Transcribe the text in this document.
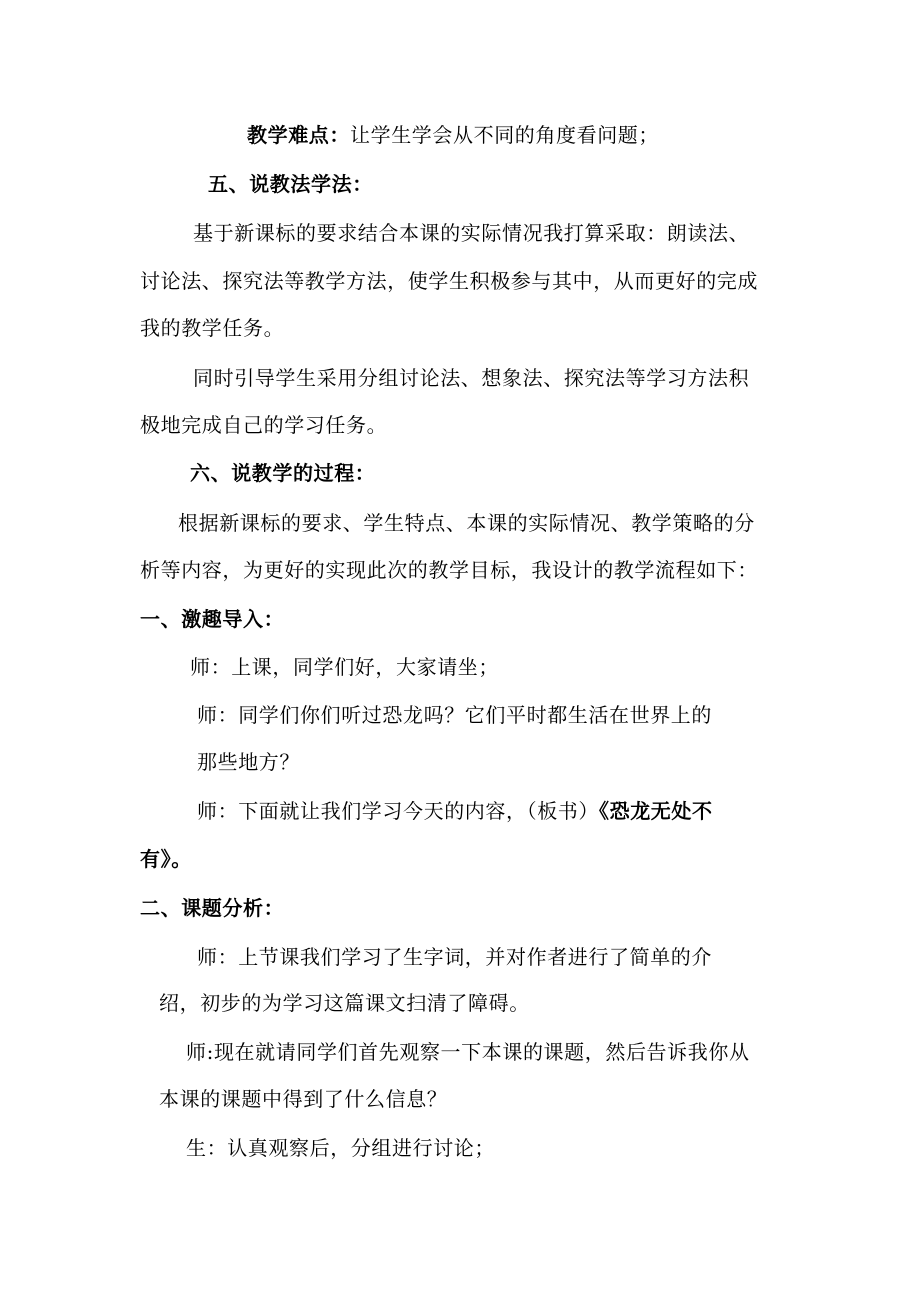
教学难点：让学生学会从不同的角度看问题；
五、说教法学法：
基于新课标的要求结合本课的实际情况我打算采取：朗读法、
讨论法、探究法等教学方法，使学生积极参与其中，从而更好的完成
我的教学任务。
同时引导学生采用分组讨论法、想象法、探究法等学习方法积
极地完成自己的学习任务。
六、说教学的过程：
根据新课标的要求、学生特点、本课的实际情况、教学策略的分
析等内容，为更好的实现此次的教学目标，我设计的教学流程如下：
一、激趣导入：
师：上课，同学们好，大家请坐；
师：同学们你们听过恐龙吗？它们平时都生活在世界上的
那些地方？
师：下面就让我们学习今天的内容，（板书）《恐龙无处不
有》。
二、课题分析：
师：上节课我们学习了生字词，并对作者进行了简单的介
绍，初步的为学习这篇课文扫清了障碍。
师:现在就请同学们首先观察一下本课的课题，然后告诉我你从
本课的课题中得到了什么信息？
生：认真观察后，分组进行讨论；
